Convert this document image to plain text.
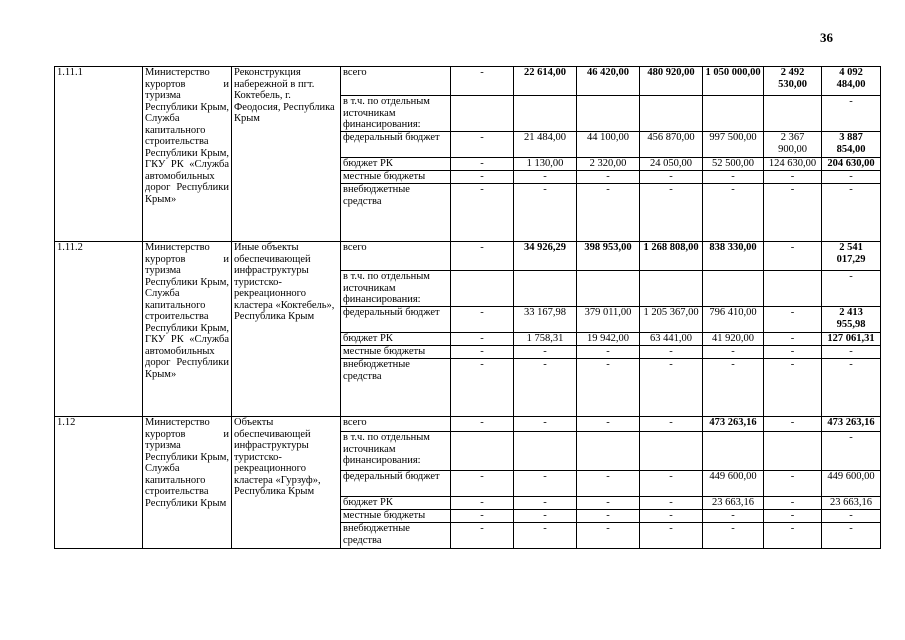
36
1.11.1	Министерство курортов и туризма Республики Крым, Служба капитального строительства Республики Крым, ГКУ РК «Служба автомобильных дорог Республики Крым»	Реконструкция набережной в пгт. Коктебель, г. Феодосия, Республика Крым	всего	-	22 614,00	46 420,00	480 920,00	1 050 000,00	2 492 530,00	4 092 484,00
			в т.ч. по отдельным источникам финансирования:							-
			федеральный бюджет	-	21 484,00	44 100,00	456 870,00	997 500,00	2 367 900,00	3 887 854,00
			бюджет РК	-	1 130,00	2 320,00	24 050,00	52 500,00	124 630,00	204 630,00
			местные бюджеты	-	-	-	-	-	-	-
			внебюджетные средства	-	-	-	-	-	-	-
1.11.2	Министерство курортов и туризма Республики Крым, Служба капитального строительства Республики Крым, ГКУ РК «Служба автомобильных дорог Республики Крым»	Иные объекты обеспечивающей инфраструктуры туристско-рекреационного кластера «Коктебель», Республика Крым	всего	-	34 926,29	398 953,00	1 268 808,00	838 330,00	-	2 541 017,29
			в т.ч. по отдельным источникам финансирования:							-
			федеральный бюджет	-	33 167,98	379 011,00	1 205 367,00	796 410,00	-	2 413 955,98
			бюджет РК	-	1 758,31	19 942,00	63 441,00	41 920,00	-	127 061,31
			местные бюджеты	-	-	-	-	-	-	-
			внебюджетные средства	-	-	-	-	-	-	-
1.12	Министерство курортов и туризма Республики Крым, Служба капитального строительства Республики Крым	Объекты обеспечивающей инфраструктуры туристско-рекреационного кластера «Гурзуф», Республика Крым	всего	-	-	-	-	473 263,16	-	473 263,16
			в т.ч. по отдельным источникам финансирования:							-
			федеральный бюджет	-	-	-	-	449 600,00	-	449 600,00
			бюджет РК	-	-	-	-	23 663,16	-	23 663,16
			местные бюджеты	-	-	-	-	-	-	-
			внебюджетные средства	-	-	-	-	-	-	-
